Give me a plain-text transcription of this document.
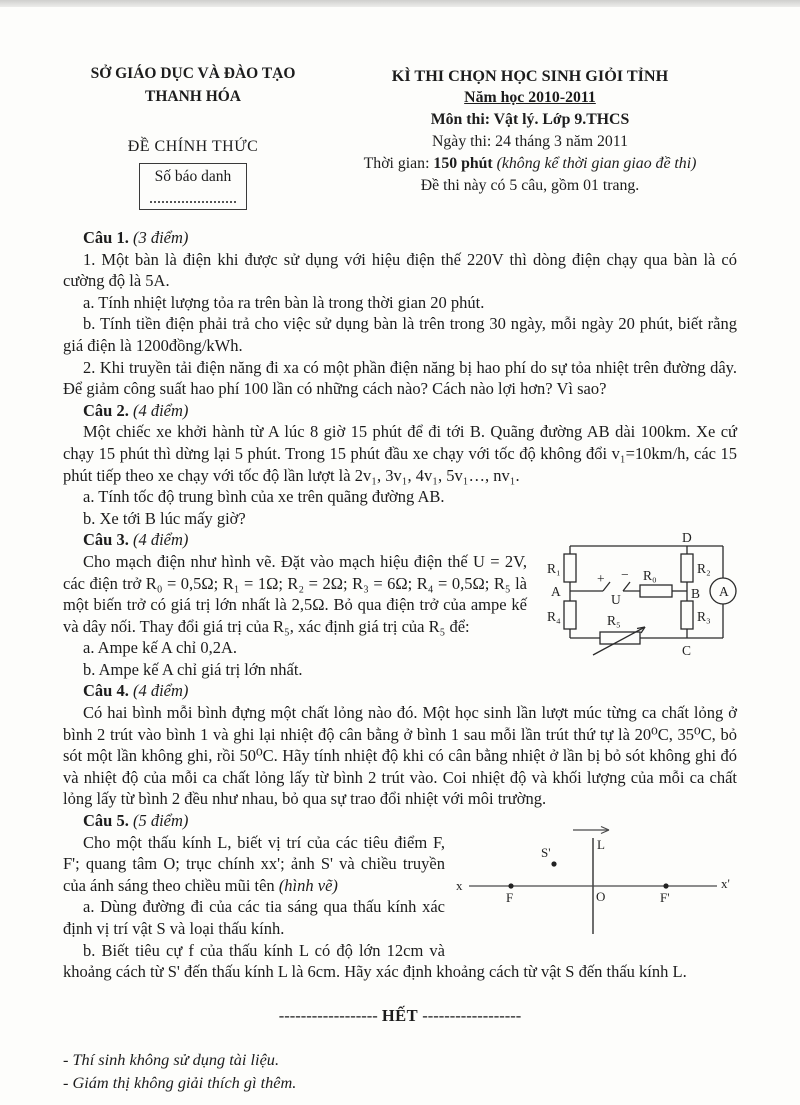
SỞ GIÁO DỤC VÀ ĐÀO TẠO
THANH HÓA
ĐỀ CHÍNH THỨC
Số báo danh
KÌ THI CHỌN HỌC SINH GIỎI TỈNH
Năm học 2010-2011
Môn thi: Vật lý. Lớp 9.THCS
Ngày thi: 24 tháng 3 năm 2011
Thời gian: 150 phút (không kể thời gian giao đề thi)
Đề thi này có 5 câu, gồm 01 trang.
Câu 1. (3 điểm)
1. Một bàn là điện khi được sử dụng với hiệu điện thế 220V thì dòng điện chạy qua bàn là có cường độ là 5A.
a. Tính nhiệt lượng tỏa ra trên bàn là trong thời gian 20 phút.
b. Tính tiền điện phải trả cho việc sử dụng bàn là trên trong 30 ngày, mỗi ngày 20 phút, biết rằng giá điện là 1200đồng/kWh.
2. Khi truyền tải điện năng đi xa có một phần điện năng bị hao phí do sự tỏa nhiệt trên đường dây. Để giảm công suất hao phí 100 lần có những cách nào? Cách nào lợi hơn? Vì sao?
Câu 2. (4 điểm)
Một chiếc xe khởi hành từ A lúc 8 giờ 15 phút để đi tới B. Quãng đường AB dài 100km. Xe cứ chạy 15 phút thì dừng lại 5 phút. Trong 15 phút đầu xe chạy với tốc độ không đổi v₁=10km/h, các 15 phút tiếp theo xe chạy với tốc độ lần lượt là 2v₁, 3v₁, 4v₁, 5v₁…, nv₁.
a. Tính tốc độ trung bình của xe trên quãng đường AB.
b. Xe tới B lúc mấy giờ?
R₁
A
R₄
D
R₂
B
R₃
C
R₀
R₅
U
+ −
A
Câu 3. (4 điểm)
Cho mạch điện như hình vẽ. Đặt vào mạch hiệu điện thế U = 2V, các điện trở R₀ = 0,5Ω; R₁ = 1Ω; R₂ = 2Ω; R₃ = 6Ω; R₄ = 0,5Ω; R₅ là một biến trở có giá trị lớn nhất là 2,5Ω. Bỏ qua điện trở của ampe kế và dây nối. Thay đổi giá trị của R₅, xác định giá trị của R₅ để:
a. Ampe kế A chỉ 0,2A.
b. Ampe kế A chỉ giá trị lớn nhất.
Câu 4. (4 điểm)
Có hai bình mỗi bình đựng một chất lỏng nào đó. Một học sinh lần lượt múc từng ca chất lỏng ở bình 2 trút vào bình 1 và ghi lại nhiệt độ cân bằng ở bình 1 sau mỗi lần trút thứ tự là 20⁰C, 35⁰C, bỏ sót một lần không ghi, rồi 50⁰C. Hãy tính nhiệt độ khi có cân bằng nhiệt ở lần bị bỏ sót không ghi đó và nhiệt độ của mỗi ca chất lỏng lấy từ bình 2 trút vào. Coi nhiệt độ và khối lượng của mỗi ca chất lỏng lấy từ bình 2 đều như nhau, bỏ qua sự trao đổi nhiệt với môi trường.
x	x'
L
O
F	F'
S'
Câu 5. (5 điểm)
Cho một thấu kính L, biết vị trí của các tiêu điểm F, F'; quang tâm O; trục chính xx'; ảnh S' và chiều truyền của ánh sáng theo chiều mũi tên (hình vẽ)
a. Dùng đường đi của các tia sáng qua thấu kính xác định vị trí vật S và loại thấu kính.
b. Biết tiêu cự f của thấu kính L có độ lớn 12cm và khoảng cách từ S' đến thấu kính L là 6cm. Hãy xác định khoảng cách từ vật S đến thấu kính L.
------------------ HẾT ------------------
- Thí sinh không sử dụng tài liệu.
- Giám thị không giải thích gì thêm.
